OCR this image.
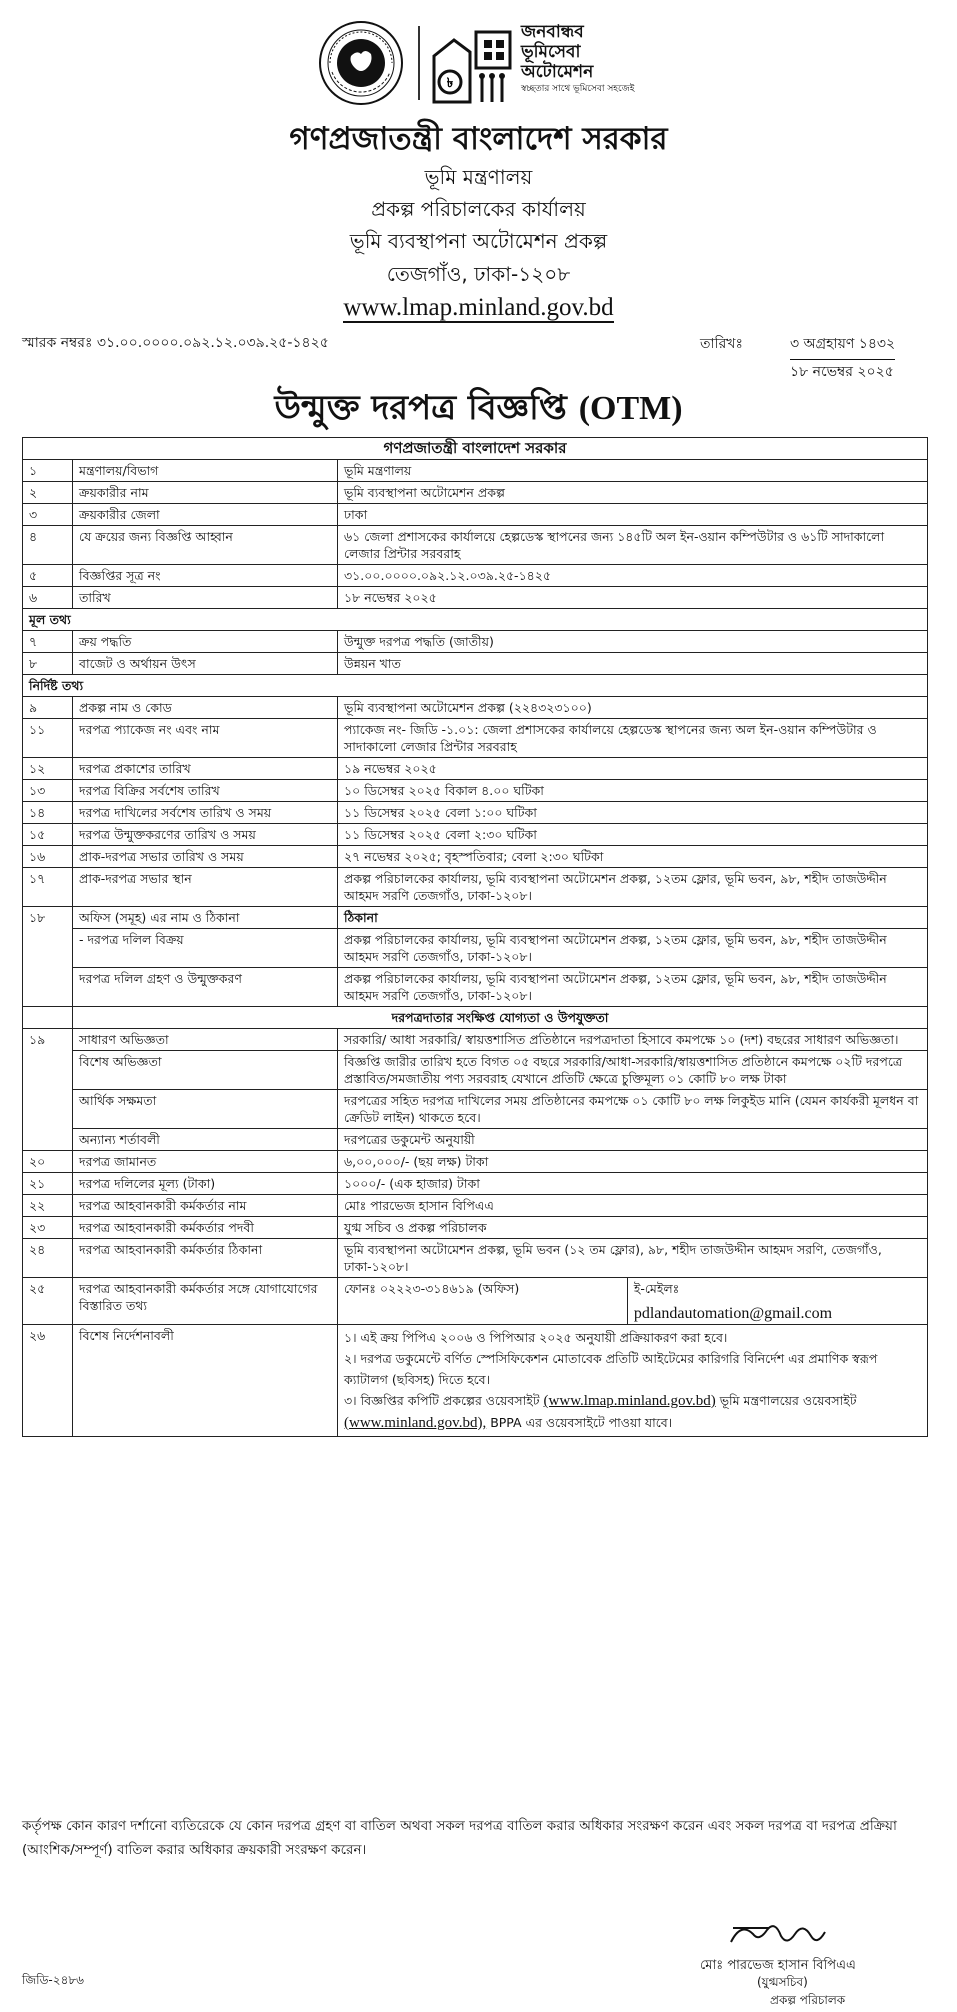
৳
জনবান্ধব
ভূমিসেবা
অটোমেশন
স্বচ্ছতার সাথে ভূমিসেবা সহজেই
গণপ্রজাতন্ত্রী বাংলাদেশ সরকার
ভূমি মন্ত্রণালয়
প্রকল্প পরিচালকের কার্যালয়
ভূমি ব্যবস্থাপনা অটোমেশন প্রকল্প
তেজগাঁও, ঢাকা-১২০৮
www.lmap.minland.gov.bd
স্মারক নম্বরঃ ৩১.০০.০০০০.০৯২.১২.০৩৯.২৫-১৪২৫	তারিখঃ	৩ অগ্রহায়ণ ১৪৩২
১৮ নভেম্বর ২০২৫
উন্মুক্ত দরপত্র বিজ্ঞপ্তি (OTM)
গণপ্রজাতন্ত্রী বাংলাদেশ সরকার
১	মন্ত্রণালয়/বিভাগ	ভূমি মন্ত্রণালয়
২	ক্রয়কারীর নাম	ভূমি ব্যবস্থাপনা অটোমেশন প্রকল্প
৩	ক্রয়কারীর জেলা	ঢাকা
৪	যে ক্রয়ের জন্য বিজ্ঞপ্তি আহ্বান	৬১ জেলা প্রশাসকের কার্যালয়ে হেল্পডেস্ক স্থাপনের জন্য ১৪৫টি অল ইন-ওয়ান কম্পিউটার ও ৬১টি সাদাকালো লেজার প্রিন্টার সরবরাহ
৫	বিজ্ঞপ্তির সূত্র নং	৩১.০০.০০০০.০৯২.১২.০৩৯.২৫-১৪২৫
৬	তারিখ	১৮ নভেম্বর ২০২৫
মূল তথ্য
৭	ক্রয় পদ্ধতি	উন্মুক্ত দরপত্র পদ্ধতি (জাতীয়)
৮	বাজেট ও অর্থায়ন উৎস	উন্নয়ন খাত
নির্দিষ্ট তথ্য
৯	প্রকল্প নাম ও কোড	ভূমি ব্যবস্থাপনা অটোমেশন প্রকল্প (২২৪৩২৩১০০)
১১	দরপত্র প্যাকেজ নং এবং নাম	প্যাকেজ নং- জিডি -১.০১: জেলা প্রশাসকের কার্যালয়ে হেল্পডেস্ক স্থাপনের জন্য অল ইন-ওয়ান কম্পিউটার ও সাদাকালো লেজার প্রিন্টার সরবরাহ
১২	দরপত্র প্রকাশের তারিখ	১৯ নভেম্বর ২০২৫
১৩	দরপত্র বিক্রির সর্বশেষ তারিখ	১০ ডিসেম্বর ২০২৫ বিকাল ৪.০০ ঘটিকা
১৪	দরপত্র দাখিলের সর্বশেষ তারিখ ও সময়	১১ ডিসেম্বর ২০২৫ বেলা ১:০০ ঘটিকা
১৫	দরপত্র উন্মুক্তকরণের তারিখ ও সময়	১১ ডিসেম্বর ২০২৫ বেলা ২:৩০ ঘটিকা
১৬	প্রাক-দরপত্র সভার তারিখ ও সময়	২৭ নভেম্বর ২০২৫; বৃহস্পতিবার; বেলা ২:৩০ ঘটিকা
১৭	প্রাক-দরপত্র সভার স্থান	প্রকল্প পরিচালকের কার্যালয়, ভূমি ব্যবস্থাপনা অটোমেশন প্রকল্প, ১২তম ফ্লোর, ভূমি ভবন, ৯৮, শহীদ তাজউদ্দীন আহমদ সরণি তেজগাঁও, ঢাকা-১২০৮।
১৮	অফিস (সমূহ) এর নাম ও ঠিকানা	ঠিকানা
- দরপত্র দলিল বিক্রয়	প্রকল্প পরিচালকের কার্যালয়, ভূমি ব্যবস্থাপনা অটোমেশন প্রকল্প, ১২তম ফ্লোর, ভূমি ভবন, ৯৮, শহীদ তাজউদ্দীন আহমদ সরণি তেজগাঁও, ঢাকা-১২০৮।
দরপত্র দলিল গ্রহণ ও উন্মুক্তকরণ	প্রকল্প পরিচালকের কার্যালয়, ভূমি ব্যবস্থাপনা অটোমেশন প্রকল্প, ১২তম ফ্লোর, ভূমি ভবন, ৯৮, শহীদ তাজউদ্দীন আহমদ সরণি তেজগাঁও, ঢাকা-১২০৮।
	দরপত্রদাতার সংক্ষিপ্ত যোগ্যতা ও উপযুক্ততা
১৯	সাধারণ অভিজ্ঞতা	সরকারি/ আধা সরকারি/ স্বায়ত্তশাসিত প্রতিষ্ঠানে দরপত্রদাতা হিসাবে কমপক্ষে ১০ (দশ) বছরের সাধারণ অভিজ্ঞতা।
বিশেষ অভিজ্ঞতা	বিজ্ঞপ্তি জারীর তারিখ হতে বিগত ০৫ বছরে সরকারি/আধা-সরকারি/স্বায়ত্তশাসিত প্রতিষ্ঠানে কমপক্ষে ০২টি দরপত্রে প্রস্তাবিত/সমজাতীয় পণ্য সরবরাহ যেখানে প্রতিটি ক্ষেত্রে চুক্তিমূল্য ০১ কোটি ৮০ লক্ষ টাকা
আর্থিক সক্ষমতা	দরপত্রের সহিত দরপত্র দাখিলের সময় প্রতিষ্ঠানের কমপক্ষে ০১ কোটি ৮০ লক্ষ লিকুইড মানি (যেমন কার্যকরী মূলধন বা ক্রেডিট লাইন) থাকতে হবে।
অন্যান্য শর্তাবলী	দরপত্রের ডকুমেন্ট অনুযায়ী
২০	দরপত্র জামানত	৬,০০,০০০/- (ছয় লক্ষ) টাকা
২১	দরপত্র দলিলের মূল্য (টাকা)	১০০০/- (এক হাজার) টাকা
২২	দরপত্র আহবানকারী কর্মকর্তার নাম	মোঃ পারভেজ হাসান বিপিএএ
২৩	দরপত্র আহবানকারী কর্মকর্তার পদবী	যুগ্ম সচিব ও প্রকল্প পরিচালক
২৪	দরপত্র আহবানকারী কর্মকর্তার ঠিকানা	ভূমি ব্যবস্থাপনা অটোমেশন প্রকল্প, ভূমি ভবন (১২ তম ফ্লোর), ৯৮, শহীদ তাজউদ্দীন আহমদ সরণি, তেজগাঁও, ঢাকা-১২০৮।
২৫	দরপত্র আহবানকারী কর্মকর্তার সঙ্গে যোগাযোগের বিস্তারিত তথ্য	
ফোনঃ ০২২২৩-৩১৪৬১৯ (অফিস)	ই-মেইলঃ
pdlandautomation@gmail.com

২৬	বিশেষ নির্দেশনাবলী	১। এই ক্রয় পিপিএ ২০০৬ ও পিপিআর ২০২৫ অনুযায়ী প্রক্রিয়াকরণ করা হবে।
২। দরপত্র ডকুমেন্টে বর্ণিত স্পেসিফিকেশন মোতাবেক প্রতিটি আইটেমের কারিগরি বিনির্দেশ এর প্রমাণিক স্বরূপ ক্যাটালগ (ছবিসহ) দিতে হবে।
৩। বিজ্ঞপ্তির কপিটি প্রকল্পের ওয়েবসাইট (www.lmap.minland.gov.bd) ভূমি মন্ত্রণালয়ের ওয়েবসাইট (www.minland.gov.bd), BPPA এর ওয়েবসাইটে পাওয়া যাবে।
কর্তৃপক্ষ কোন কারণ দর্শানো ব্যতিরেকে যে কোন দরপত্র গ্রহণ বা বাতিল অথবা সকল দরপত্র বাতিল করার অধিকার সংরক্ষণ করেন এবং সকল দরপত্র বা দরপত্র প্রক্রিয়া (আংশিক/সম্পূর্ণ) বাতিল করার অধিকার ক্রয়কারী সংরক্ষণ করেন।
মোঃ পারভেজ হাসান বিপিএএ
(যুগ্মসচিব)
প্রকল্প পরিচালক
জিডি-২৪৮৬
